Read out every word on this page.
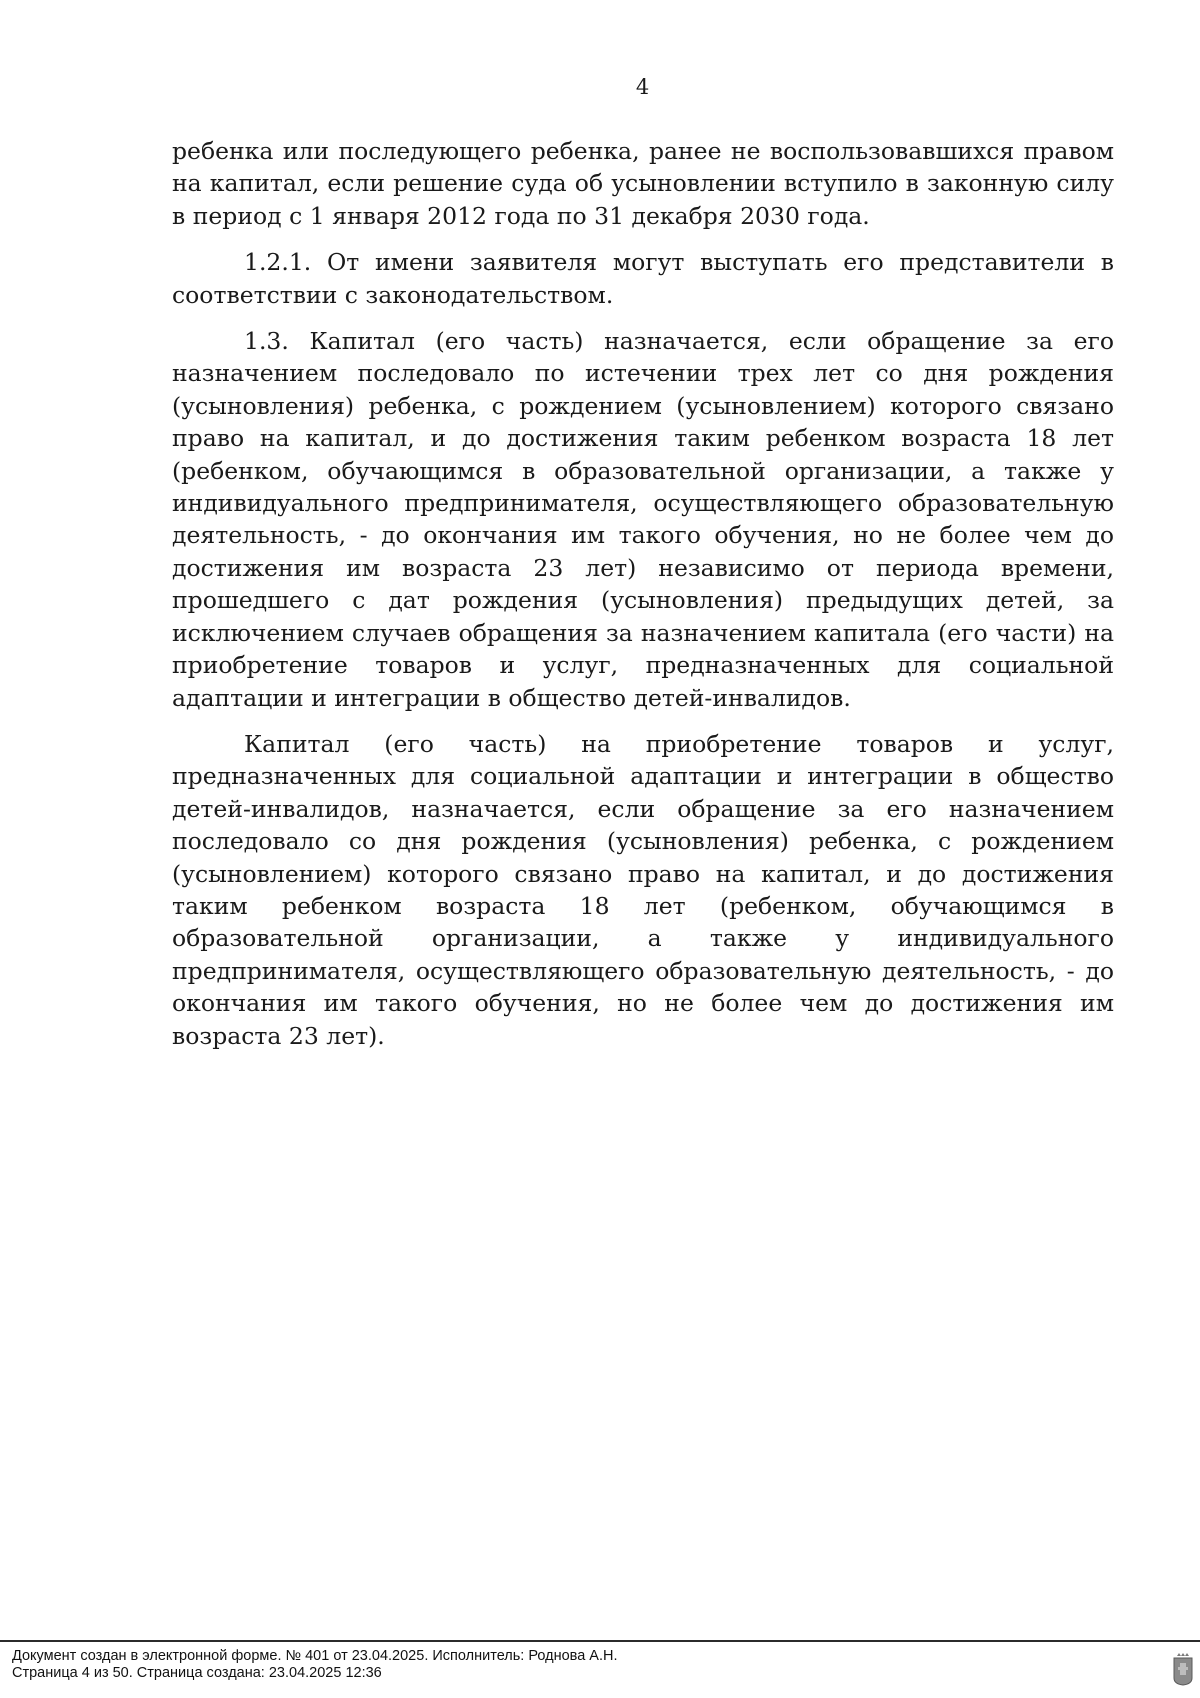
4

ребенка или последующего ребенка, ранее не воспользовавшихся правом на капитал, если решение суда об усыновлении вступило в законную силу в период с 1 января 2012 года по 31 декабря 2030 года.

1.2.1. От имени заявителя могут выступать его представители в соответствии с законодательством.

1.3. Капитал (его часть) назначается, если обращение за его назначением последовало по истечении трех лет со дня рождения (усыновления) ребенка, с рождением (усыновлением) которого связано право на капитал, и до достижения таким ребенком возраста 18 лет (ребенком, обучающимся в образовательной организации, а также у индивидуального предпринимателя, осуществляющего образовательную деятельность, - до окончания им такого обучения, но не более чем до достижения им возраста 23 лет) независимо от периода времени, прошедшего с дат рождения (усыновления) предыдущих детей, за исключением случаев обращения за назначением капитала (его части) на приобретение товаров и услуг, предназначенных для социальной адаптации и интеграции в общество детей-инвалидов.

Капитал (его часть) на приобретение товаров и услуг, предназначенных для социальной адаптации и интеграции в общество детей-инвалидов, назначается, если обращение за его назначением последовало со дня рождения (усыновления) ребенка, с рождением (усыновлением) которого связано право на капитал, и до достижения таким ребенком возраста 18 лет (ребенком, обучающимся в образовательной организации, а также у индивидуального предпринимателя, осуществляющего образовательную деятельность, - до окончания им такого обучения, но не более чем до достижения им возраста 23 лет).

Документ создан в электронной форме. № 401 от 23.04.2025. Исполнитель: Роднова А.Н.
Страница 4 из 50. Страница создана: 23.04.2025 12:36
